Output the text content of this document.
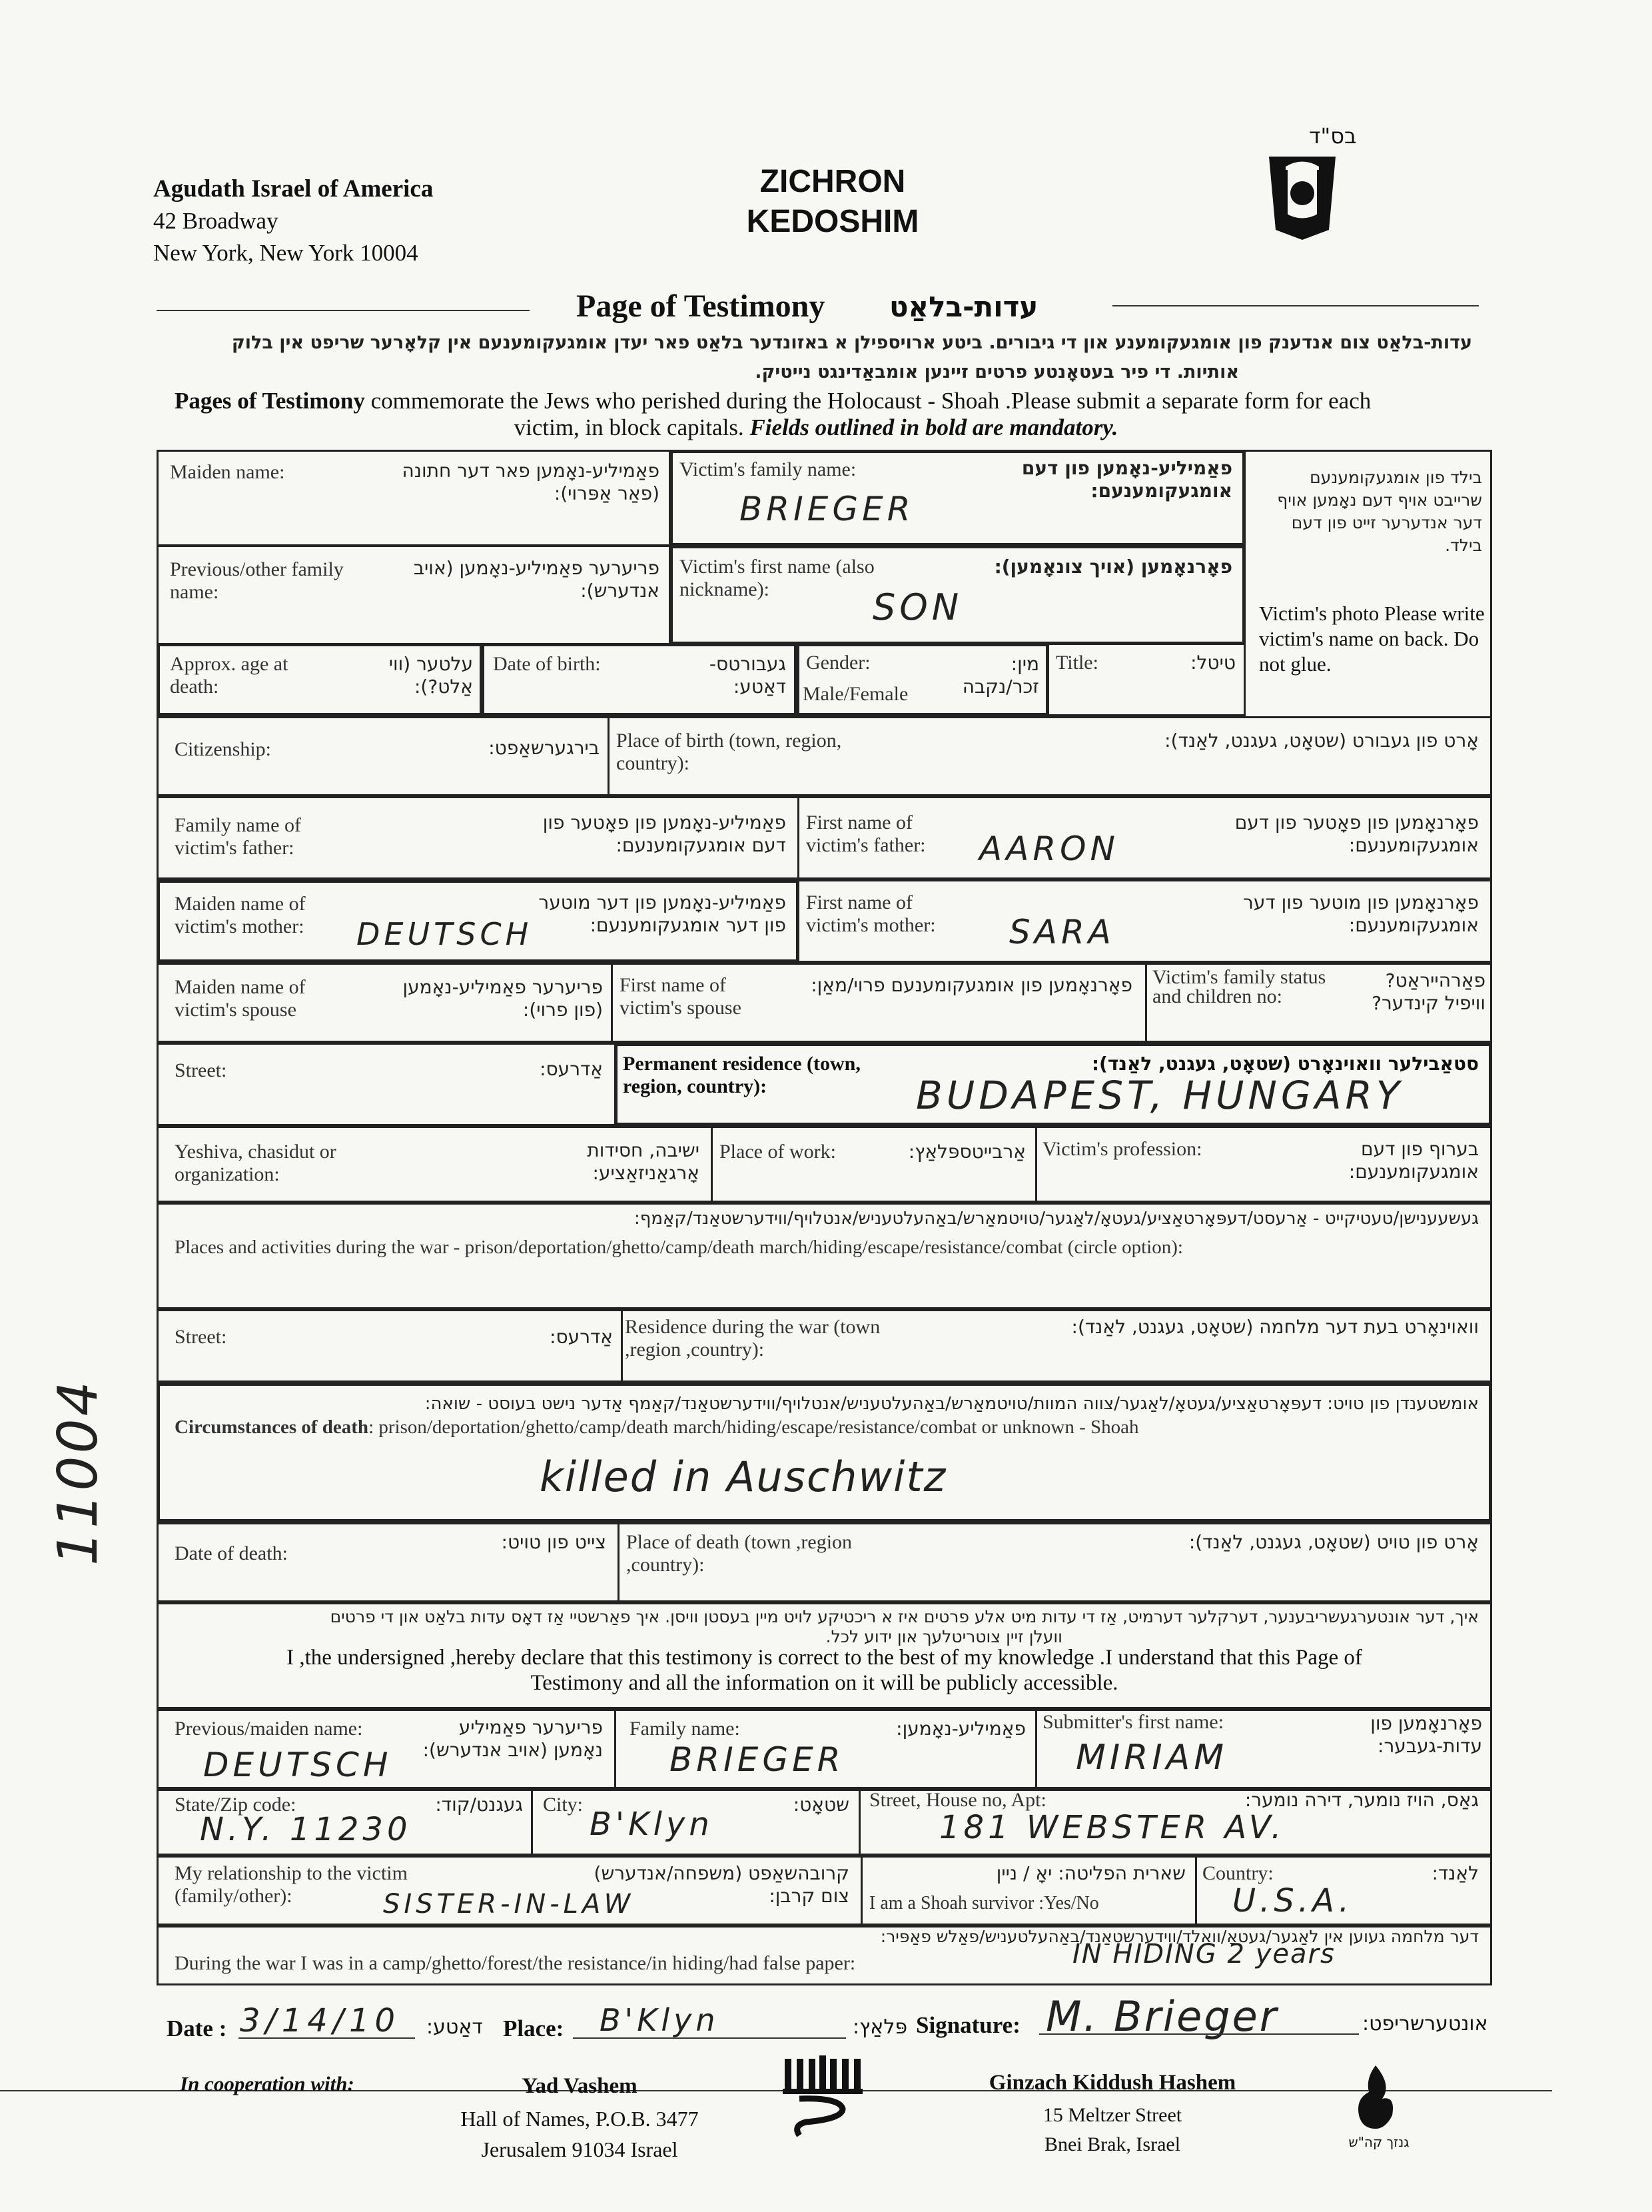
Agudath Israel of America
42 Broadway
New York, New York 10004
ZICHRON
KEDOSHIM
בס"ד
Page of Testimony עדות-בלאַט
עדות-בלאַט צום אנדענק פון אומגעקומענע און די גיבורים. ביטע ארויספילן א באזונדער בלאַט פאר יעדן אומגעקומענעם אין קלאָרער שריפט אין בלוק
אותיות. די פיר בעטאָנטע פרטים זיינען אומבאַדינגט נייטיק.
Pages of Testimony commemorate the Jews who perished during the Holocaust - Shoah .Please submit a separate form for each
victim, in block capitals. Fields outlined in bold are mandatory.
בילד פון אומגעקומענעם שרייבט אויף דעם נאָמען אויף דער אנדערער זייט פון דעם בילד.
Victim's photo Please write victim's name on back. Do not glue.
Maiden name:	פאַמיליע-נאָמען פאר דער חתונה (פאַר אַפּרוי):
Victim's family name:	פאַמיליע-נאָמען פון דעם אומגעקומענעם:
BRIEGER
Previous/other family name:
פריערער פאַמיליע-נאָמען (אויב אנדערש):
Victim's first name (also nickname):
פאָרנאָמען (אויך צונאָמען):
SON
Approx. age at death:
עלטער (ווי אַלט?):
Date of birth:	געבורטס- דאַטע:
Gender:
Male/Female
מין: זכר/נקבה
Title:	טיטל:
Citizenship:	בירגערשאַפט: Place of birth (town, region, country):
אָרט פון געבורט (שטאָט, געגנט, לאַנד):
Family name of victim's father:
פאַמיליע-נאָמען פון פאָטער פון דעם אומגעקומענעם:
First name of victim's father:
פאָרנאָמען פון פאָטער פון דעם אומגעקומענעם:
AARON
Maiden name of victim's mother:
פאַמיליע-נאָמען פון דער מוטער פון דער אומגעקומענעם:
DEUTSCH
First name of victim's mother:
פאָרנאָמען פון מוטער פון דער אומגעקומענעם:
SARA
Maiden name of victim's spouse
פריערער פאַמיליע-נאָמען (פון פרוי):
First name of victim's spouse
פאָרנאָמען פון אומגעקומענעם פרוי/מאַן: Victim's family status and children no:
פאַרהייראַט? וויפיל קינדער?
Street:	אַדרעס: Permanent residence (town, region, country):
סטאַבילער וואוינאָרט (שטאָט, געגנט, לאַנד):
BUDAPEST, HUNGARY
Yeshiva, chasidut or organization:
ישיבה, חסידות אָרגאַניזאַציע:
Place of work:	אַרבייטספּלאַץ: Victim's profession:	בערוף פון דעם אומגעקומענעם:
געשעענישן/טעטיקייט - אַרעסט/דעפּאָרטאַציע/געטאָ/לאַגער/טויטמאַרש/באַהעלטעניש/אנטלויף/ווידערשטאַנד/קאַמף:
Places and activities during the war - prison/deportation/ghetto/camp/death march/hiding/escape/resistance/combat (circle option):
Street:	אַדרעס: Residence during the war (town ,region ,country):
וואוינאָרט בעת דער מלחמה (שטאָט, געגנט, לאַנד):
אומשטענדן פון טויט: דעפּאָרטאַציע/געטאָ/לאַגער/צווה המוות/טויטמאַרש/באַהעלטעניש/אנטלויף/ווידערשטאַנד/קאַמף אַדער נישט בעוסט - שואה:
Circumstances of death: prison/deportation/ghetto/camp/death march/hiding/escape/resistance/combat or unknown - Shoah
killed in Auschwitz
Date of death:
צייט פון טויט: Place of death (town ,region ,country):
אָרט פון טויט (שטאָט, געגנט, לאַנד):
איך, דער אונטערגעשריבענער, דערקלער דערמיט, אַז די עדות מיט אלע פרטים איז א ריכטיקע לויט מיין בעסטן וויסן. איך פאַרשטיי אַז דאָס עדות בלאַט און די פרטים
וועלן זיין צוטריטלעך און ידוע לכל.
I ,the undersigned ,hereby declare that this testimony is correct to the best of my knowledge .I understand that this Page of
Testimony and all the information on it will be publicly accessible.
Previous/maiden name:	פריערער פאַמיליע נאָמען (אויב אנדערש):
DEUTSCH
Family name:	פאַמיליע-נאָמען:
BRIEGER
Submitter's first name:	פאָרנאָמען פון עדות-געבער:
MIRIAM
State/Zip code:	געגנט/קוד:
N.Y. 11230
City:	שטאָט:
B'Klyn
Street, House no, Apt:	גאַס, הויז נומער, דירה נומער:
181 WEBSTER AV.
My relationship to the victim (family/other):
קרובהשאַפט (משפחה/אנדערש) צום קרבן:
SISTER-IN-LAW
שארית הפליטה: יאָ / ניין
I am a Shoah survivor :Yes/No
Country:	לאַנד:
U.S.A.
דער מלחמה געוען אין לאַגער/געטאָ/וואַלד/ווידערשטאַנד/באַהעלטעניש/פאַלש פאַפּיר:
During the war I was in a camp/ghetto/forest/the resistance/in hiding/had false paper:	IN HIDING 2 years
Date : 3/14/10 דאַטע: Place: B'Klyn	פּלאַץ: Signature: M. Brieger	אונטערשריפט:
In cooperation with:	Yad Vashem
Hall of Names, P.O.B. 3477
Jerusalem 91034 Israel
Ginzach Kiddush Hashem
15 Meltzer Street
Bnei Brak, Israel	גנזך קה"ש
11004
